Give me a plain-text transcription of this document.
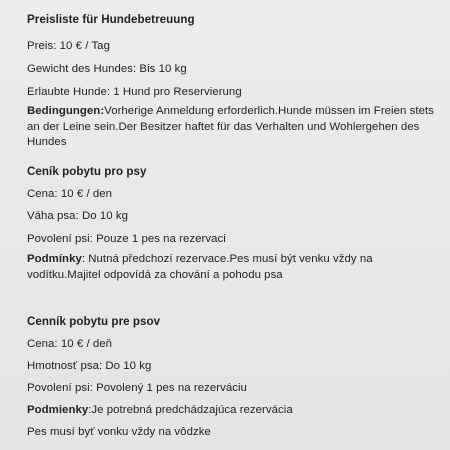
Preisliste für Hundebetreuung
Preis: 10 € / Tag
Gewicht des Hundes: Bis 10 kg
Erlaubte Hunde: 1 Hund pro Reservierung
Bedingungen:Vorherige Anmeldung erforderlich.Hunde müssen im Freien stets an der Leine sein.Der Besitzer haftet für das Verhalten und Wohlergehen des Hundes
Ceník pobytu pro psy
Cena: 10 € / den
Váha psa: Do 10 kg
Povolení psi: Pouze 1 pes na rezervaci
Podmínky: Nutná předchozí rezervace.Pes musí být venku vždy na vodítku.Majitel odpovídá za chování a pohodu psa
Cenník pobytu pre psov
Cena: 10 € / deň
Hmotnosť psa: Do 10 kg
Povolení psi: Povolený 1 pes na rezerváciu
Podmienky:Je potrebná predchádzajúca rezervácia
Pes musí byť vonku vždy na vôdzke
